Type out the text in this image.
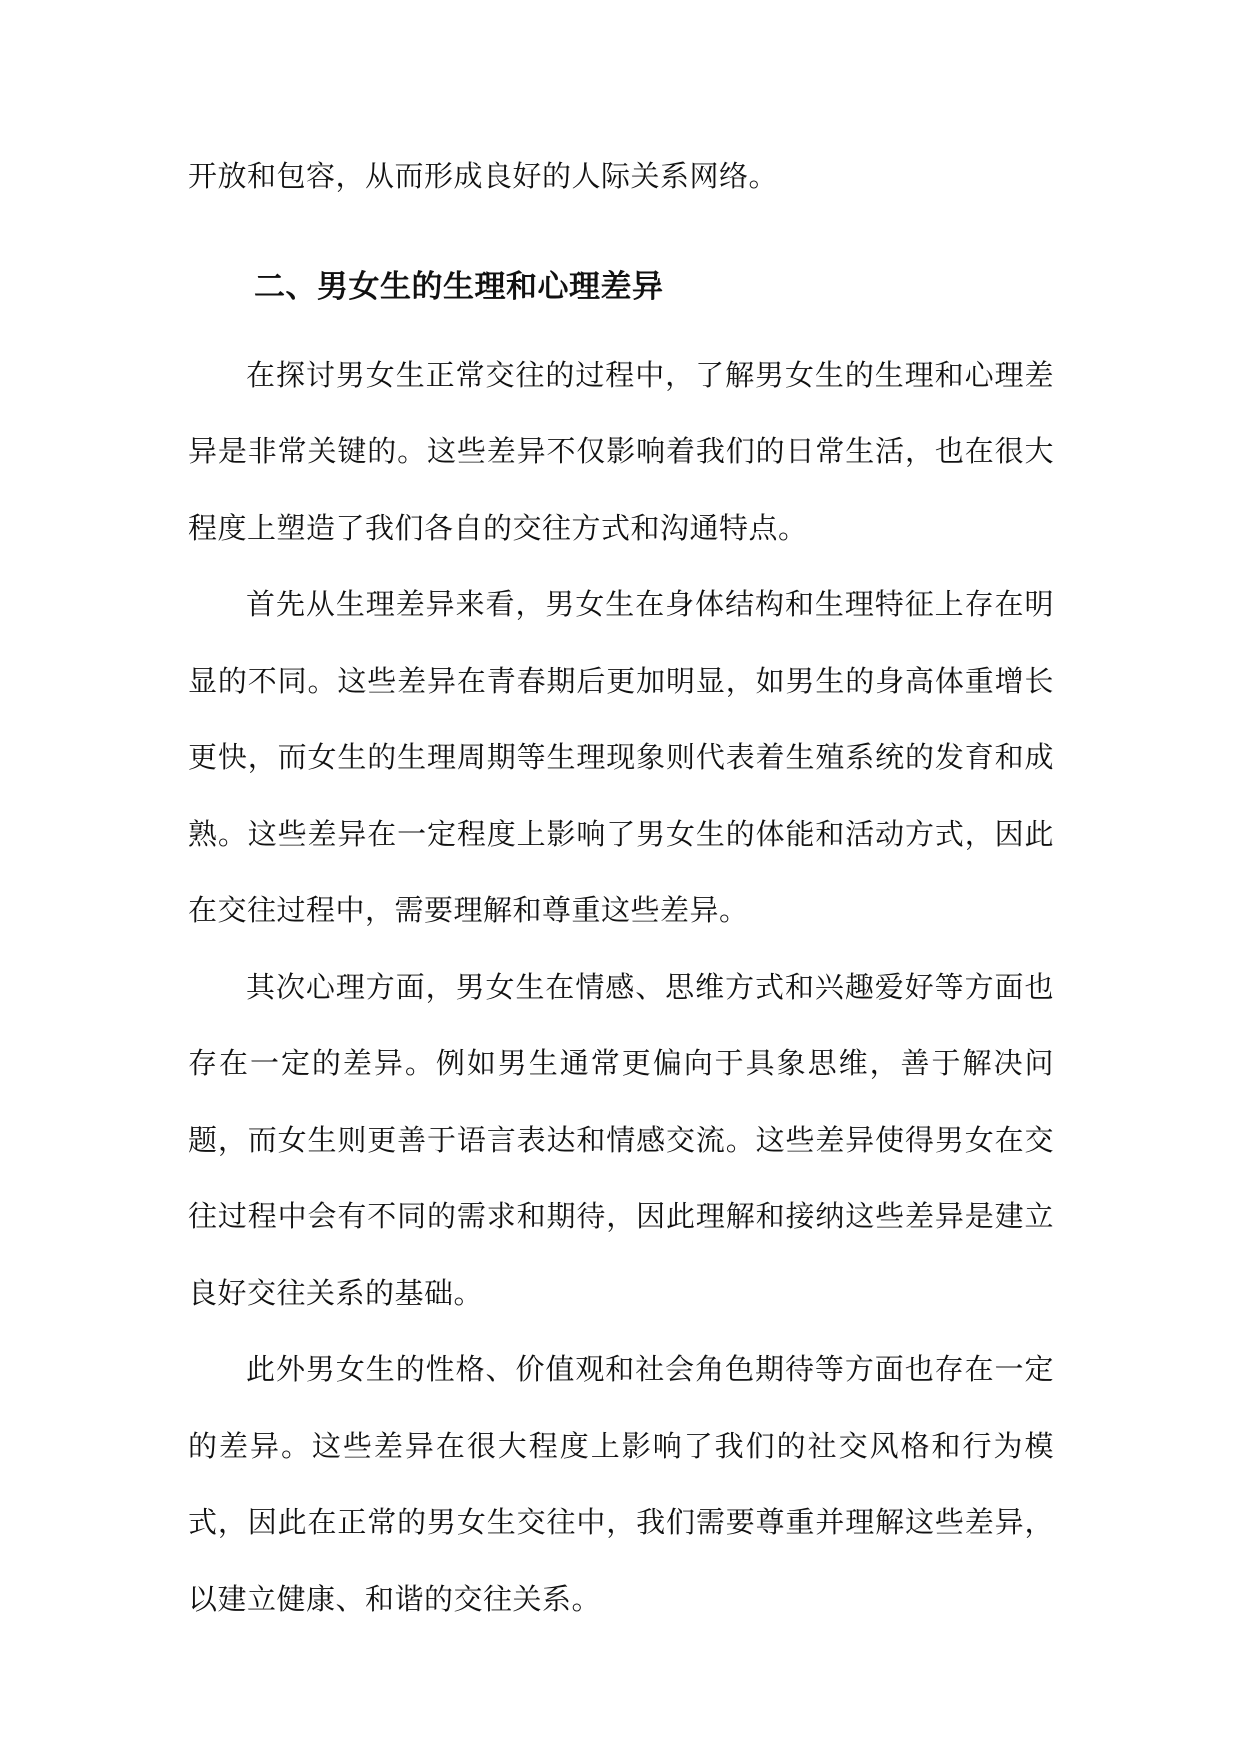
开放和包容，从而形成良好的人际关系网络。

二、男女生的生理和心理差异

在探讨男女生正常交往的过程中，了解男女生的生理和心理差异是非常关键的。这些差异不仅影响着我们的日常生活，也在很大程度上塑造了我们各自的交往方式和沟通特点。

首先从生理差异来看，男女生在身体结构和生理特征上存在明显的不同。这些差异在青春期后更加明显，如男生的身高体重增长更快，而女生的生理周期等生理现象则代表着生殖系统的发育和成熟。这些差异在一定程度上影响了男女生的体能和活动方式，因此在交往过程中，需要理解和尊重这些差异。

其次心理方面，男女生在情感、思维方式和兴趣爱好等方面也存在一定的差异。例如男生通常更偏向于具象思维，善于解决问题，而女生则更善于语言表达和情感交流。这些差异使得男女在交往过程中会有不同的需求和期待，因此理解和接纳这些差异是建立良好交往关系的基础。

此外男女生的性格、价值观和社会角色期待等方面也存在一定的差异。这些差异在很大程度上影响了我们的社交风格和行为模式，因此在正常的男女生交往中，我们需要尊重并理解这些差异，以建立健康、和谐的交往关系。
